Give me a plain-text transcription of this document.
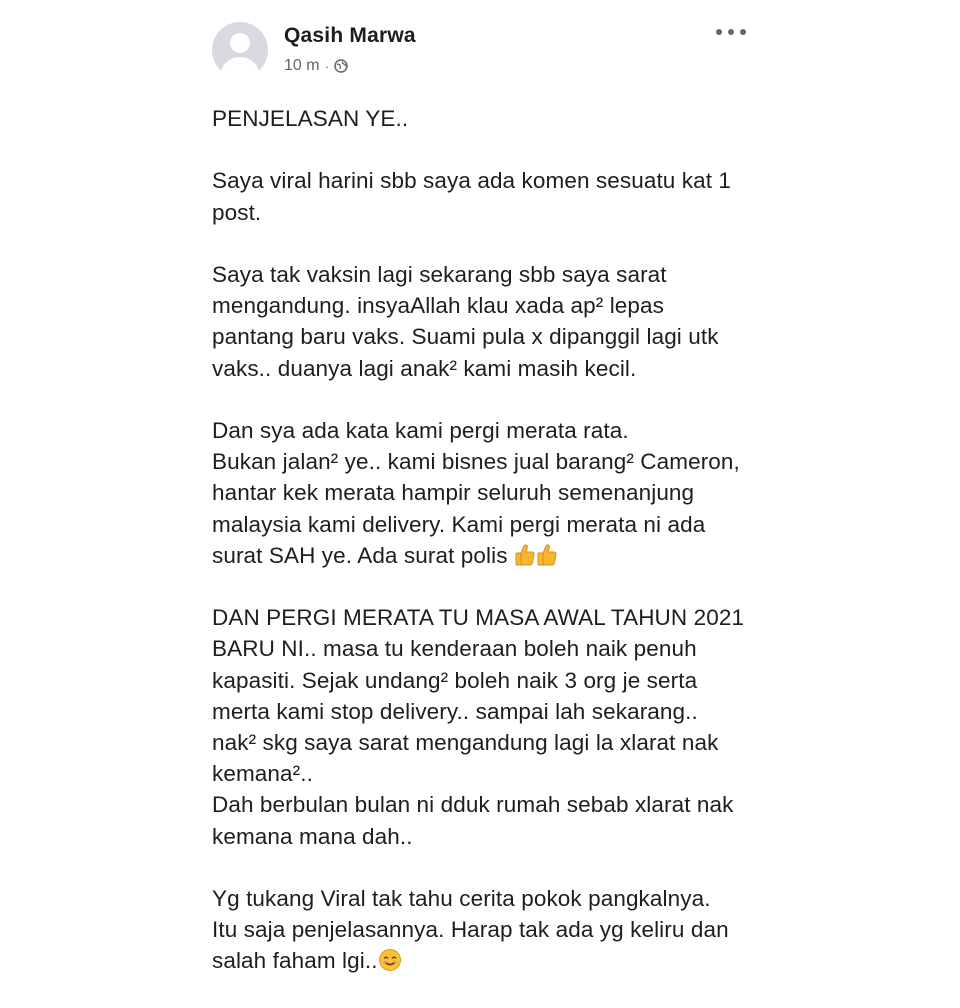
Qasih Marwa
10 m ·
PENJELASAN YE..
Saya viral harini sbb saya ada komen sesuatu kat 1
post.
Saya tak vaksin lagi sekarang sbb saya sarat
mengandung. insyaAllah klau xada ap² lepas
pantang baru vaks. Suami pula x dipanggil lagi utk
vaks.. duanya lagi anak² kami masih kecil.
Dan sya ada kata kami pergi merata rata.
Bukan jalan² ye.. kami bisnes jual barang² Cameron,
hantar kek merata hampir seluruh semenanjung
malaysia kami delivery. Kami pergi merata ni ada
surat SAH ye. Ada surat polis
DAN PERGI MERATA TU MASA AWAL TAHUN 2021
BARU NI.. masa tu kenderaan boleh naik penuh
kapasiti. Sejak undang² boleh naik 3 org je serta
merta kami stop delivery.. sampai lah sekarang..
nak² skg saya sarat mengandung lagi la xlarat nak
kemana²..
Dah berbulan bulan ni dduk rumah sebab xlarat nak
kemana mana dah..
Yg tukang Viral tak tahu cerita pokok pangkalnya.
Itu saja penjelasannya. Harap tak ada yg keliru dan
salah faham lgi..
